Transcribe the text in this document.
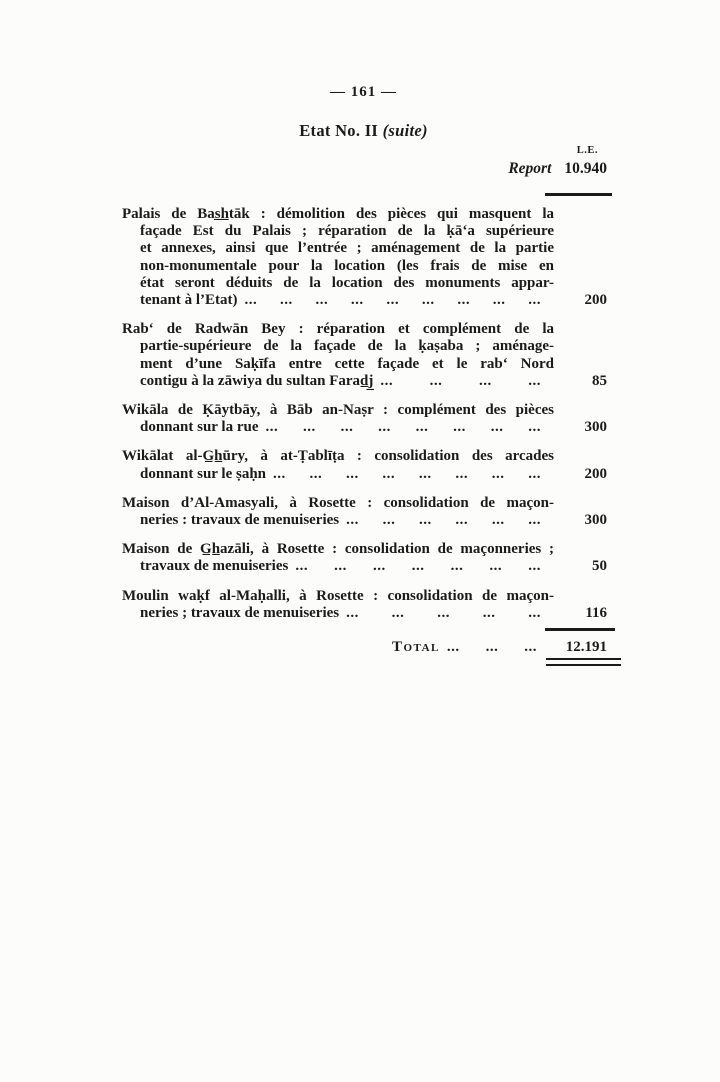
— 161 —
Etat No. II (suite)
L.E.
Report 10.940
Palais de Bas̲h̲tāk : démolition des pièces qui masquent la
façade Est du Palais ; réparation de la ḳā‘a supérieure
et annexes, ainsi que l’entrée ; aménagement de la partie
non-monumentale pour la location (les frais de mise en
état seront déduits de la location des monuments appar-
tenant à l’Etat) ... ... ... ... ... ... ... ... ...	200
Rab‘ de Radwān Bey : réparation et complément de la
partie-supérieure de la façade de la ḳaṣaba ; aménage-
ment d’une Saḳīfa entre cette façade et le rab‘ Nord
contigu à la zāwiya du sultan Farad̲j̲ ... ... ... ...	85
Wikāla de Ḳāytbāy, à Bāb an-Naṣr : complément des pièces
donnant sur la rue ... ... ... ... ... ... ... ...	300
Wikālat al-G̲h̲ūry, à at-Ṭablīṭa : consolidation des arcades
donnant sur le ṣaḥn ... ... ... ... ... ... ... ...	200
Maison d’Al-Amasyali, à Rosette : consolidation de maçon-
neries : travaux de menuiseries ... ... ... ... ... ...	300
Maison de G̲h̲azāli, à Rosette : consolidation de maçonneries ;
travaux de menuiseries ... ... ... ... ... ... ...	50
Moulin waḳf al-Maḥalli, à Rosette : consolidation de maçon-
neries ; travaux de menuiseries ... ... ... ... ...	116
Total ... ... ...	12.191
